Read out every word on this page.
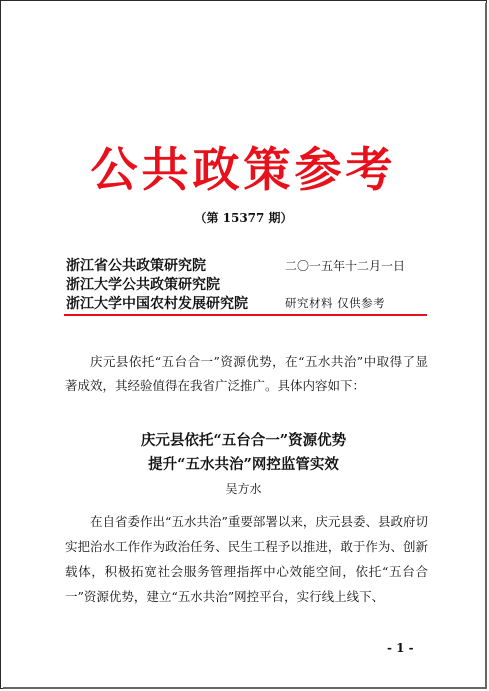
公共政策参考
（第 15377 期）
浙江省公共政策研究院
浙江大学公共政策研究院
浙江大学中国农村发展研究院
二〇一五年十二月一日
研究材料 仅供参考
庆元县依托“五台合一”资源优势，在“五水共治”中取得了显著成效，其经验值得在我省广泛推广。具体内容如下：
庆元县依托“五台合一”资源优势
提升“五水共治”网控监管实效
吴方水
在自省委作出“五水共治”重要部署以来，庆元县委、县政府切实把治水工作作为政治任务、民生工程予以推进，敢于作为、创新载体，积极拓宽社会服务管理指挥中心效能空间，依托“五台合一”资源优势，建立“五水共治”网控平台，实行线上线下、
- 1 -
